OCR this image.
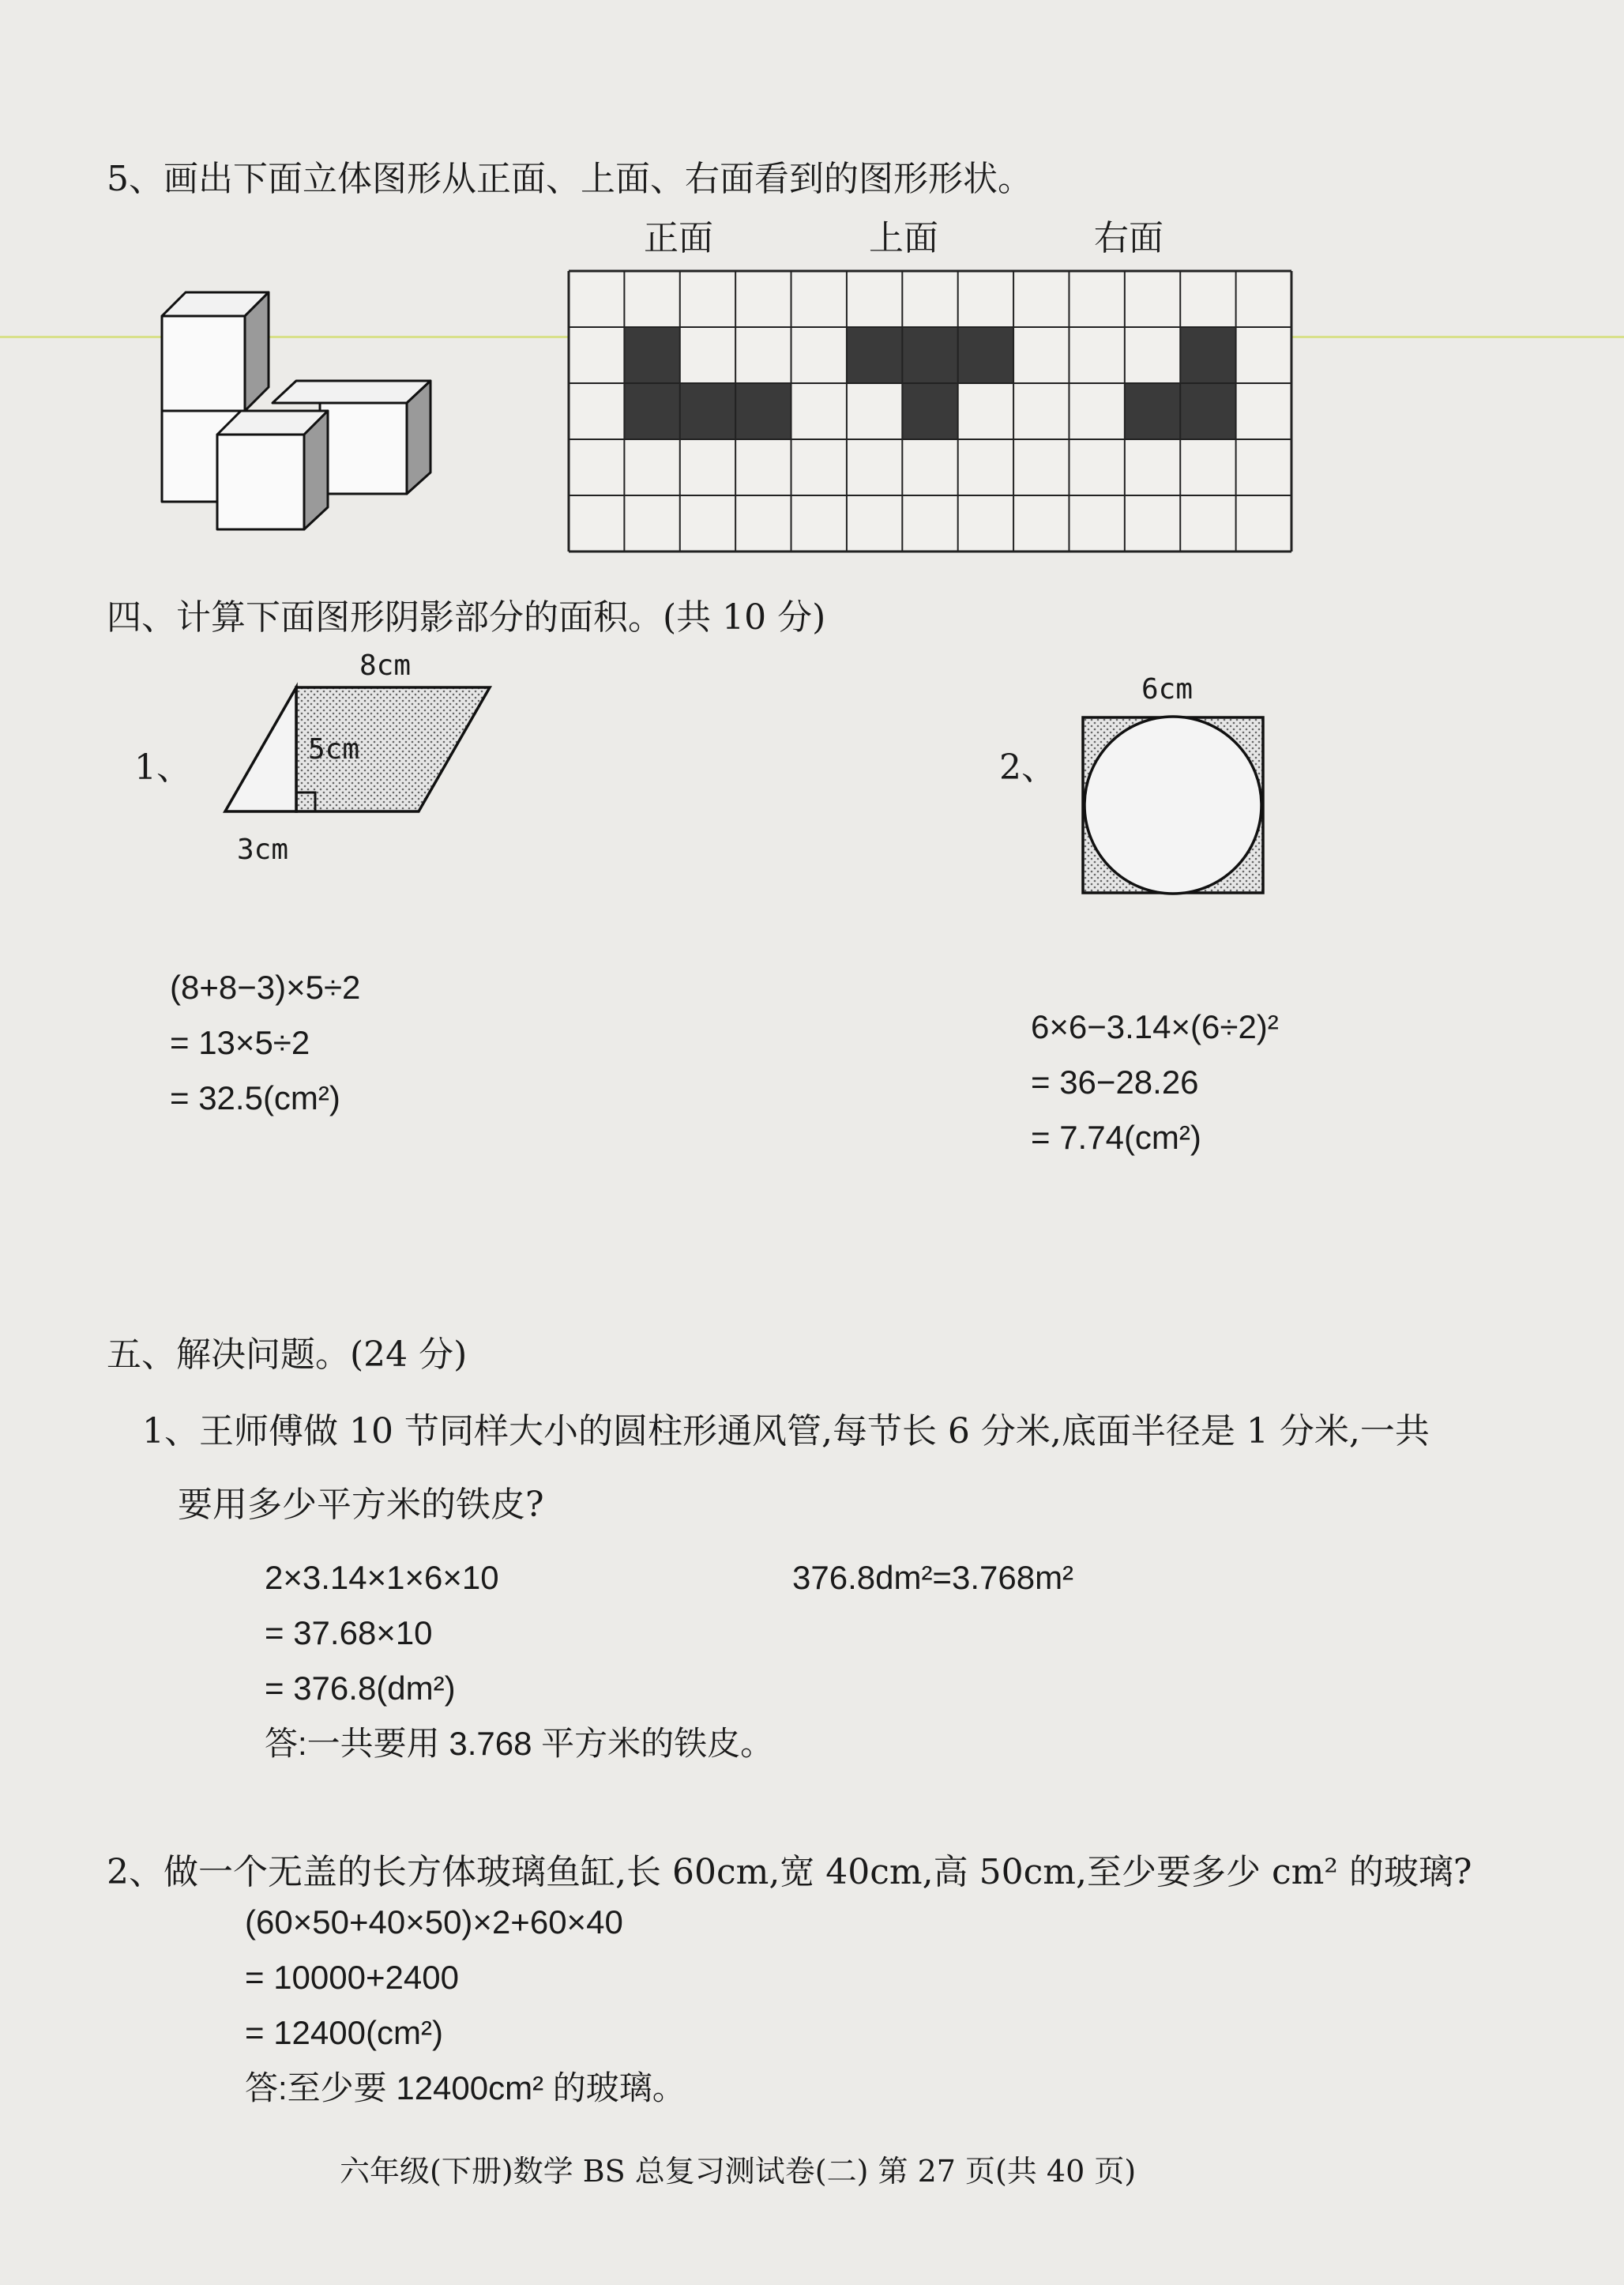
5、画出下面立体图形从正面、上面、右面看到的图形形状。
正面	上面	右面
四、计算下面图形阴影部分的面积。(共 10 分)
1、
8cm
3cm
5cm
(8+8−3)×5÷2
= 13×5÷2
= 32.5(cm²)
2、
6cm
6×6−3.14×(6÷2)²
= 36−28.26
= 7.74(cm²)
五、解决问题。(24 分)
1、王师傅做 10 节同样大小的圆柱形通风管,每节长 6 分米,底面半径是 1 分米,一共
要用多少平方米的铁皮?
2×3.14×1×6×10
= 37.68×10
= 376.8(dm²)
答:一共要用 3.768 平方米的铁皮。
376.8dm²=3.768m²
2、做一个无盖的长方体玻璃鱼缸,长 60cm,宽 40cm,高 50cm,至少要多少 cm² 的玻璃?
(60×50+40×50)×2+60×40
= 10000+2400
= 12400(cm²)
答:至少要 12400cm² 的玻璃。
六年级(下册)数学 BS 总复习测试卷(二) 第 27 页(共 40 页)
